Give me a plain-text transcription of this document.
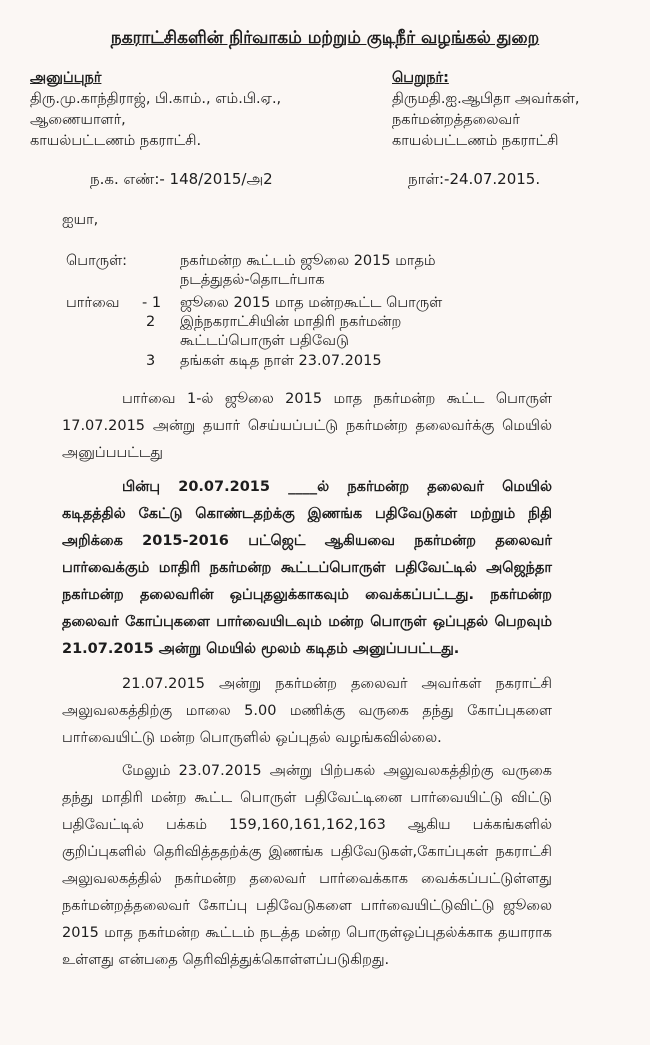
நகராட்சிகளின் நிர்வாகம் மற்றும் குடிநீர் வழங்கல் துறை
அனுப்புநர்
திரு.மு.காந்திராஜ், பி.காம்., எம்.பி.ஏ.,
ஆணையாளர்,
காயல்பட்டணம் நகராட்சி.
பெறுநர்:
திருமதி.ஐ.ஆபிதா அவர்கள்,
நகர்மன்றத்தலைவர்
காயல்பட்டணம் நகராட்சி
ந.க. எண்:- 148/2015/அ2	நாள்:-24.07.2015.
ஐயா,
பொருள்:	நகர்மன்ற கூட்டம் ஜூலை 2015 மாதம்
நடத்துதல்-தொடர்பாக
பார்வை - 1 ஜூலை 2015 மாத மன்றகூட்ட பொருள்
2 இந்நகராட்சியின் மாதிரி நகர்மன்ற
கூட்டப்பொருள் பதிவேடு
3 தங்கள் கடித நாள் 23.07.2015
பார்வை 1-ல் ஜூலை 2015 மாத நகர்மன்ற கூட்ட பொருள் 17.07.2015 அன்று தயார் செய்யப்பட்டு நகர்மன்ற தலைவர்க்கு மெயில் அனுப்பபட்டது
பின்பு 20.07.2015 ____ல் நகர்மன்ற தலைவர் மெயில் கடிதத்தில் கேட்டு கொண்டதற்க்கு இணங்க பதிவேடுகள் மற்றும் நிதி அறிக்கை 2015-2016 பட்ஜெட் ஆகியவை நகர்மன்ற தலைவர் பார்வைக்கும் மாதிரி நகர்மன்ற கூட்டப்பொருள் பதிவேட்டில் அஜெந்தா நகர்மன்ற தலைவரின் ஒப்புதலுக்காகவும் வைக்கப்பட்டது. நகர்மன்ற தலைவர் கோப்புகளை பார்வையிடவும் மன்ற பொருள் ஒப்புதல் பெறவும் 21.07.2015 அன்று மெயில் மூலம் கடிதம் அனுப்பபட்டது.
21.07.2015 அன்று நகர்மன்ற தலைவர் அவர்கள் நகராட்சி அலுவலகத்திற்கு மாலை 5.00 மணிக்கு வருகை தந்து கோப்புகளை பார்வையிட்டு மன்ற பொருளில் ஒப்புதல் வழங்கவில்லை.
மேலும் 23.07.2015 அன்று பிற்பகல் அலுவலகத்திற்கு வருகை தந்து மாதிரி மன்ற கூட்ட பொருள் பதிவேட்டினை பார்வையிட்டு விட்டு பதிவேட்டில் பக்கம் 159,160,161,162,163 ஆகிய பக்கங்களில் குறிப்புகளில் தெரிவித்ததற்க்கு இணங்க பதிவேடுகள்,கோப்புகள் நகராட்சி அலுவலகத்தில் நகர்மன்ற தலைவர் பார்வைக்காக வைக்கப்பட்டுள்ளது நகர்மன்றத்தலைவர் கோப்பு பதிவேடுகளை பார்வையிட்டுவிட்டு ஜூலை 2015 மாத நகர்மன்ற கூட்டம் நடத்த மன்ற பொருள்ஒப்புதல்க்காக தயாராக உள்ளது என்பதை தெரிவித்துக்கொள்ளப்படுகிறது.
